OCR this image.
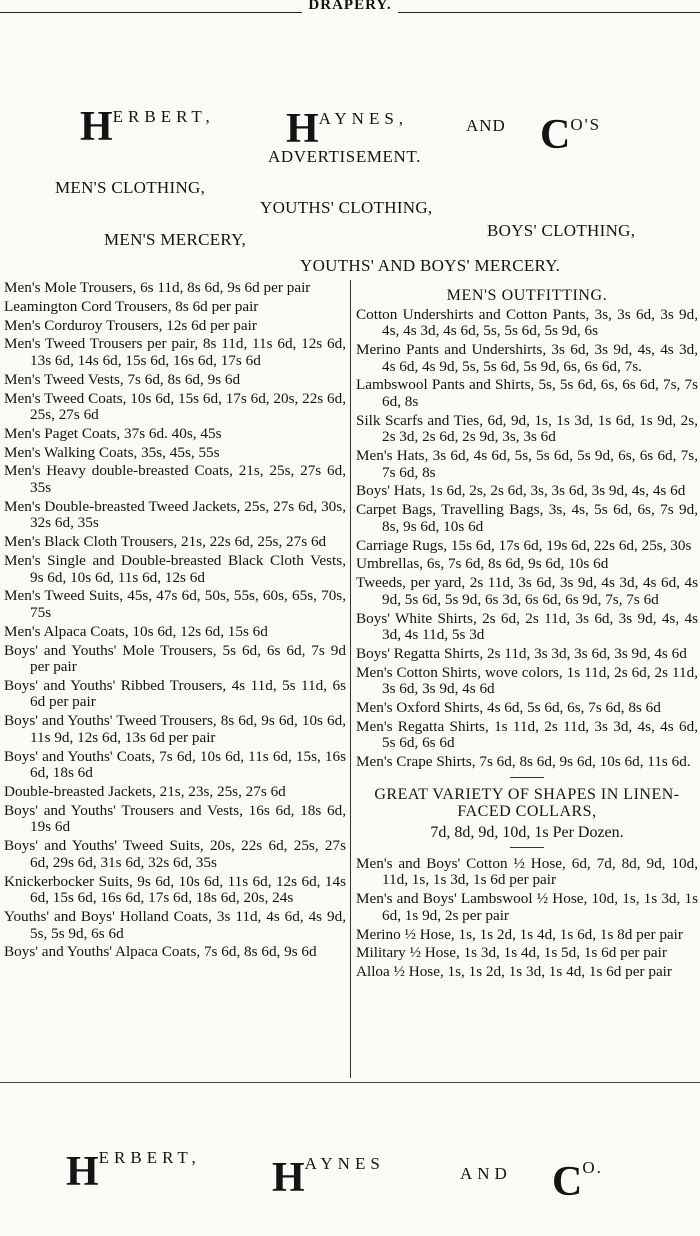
DRAPERY.
HERBERT, HAYNES,	AND CO'S
ADVERTISEMENT.
MEN'S CLOTHING,
YOUTHS' CLOTHING,
BOYS' CLOTHING,
MEN'S MERCERY,
YOUTHS' AND BOYS' MERCERY.
Men's Mole Trousers, 6s 11d, 8s 6d, 9s 6d per pair
Leamington Cord Trousers, 8s 6d per pair
Men's Corduroy Trousers, 12s 6d per pair
Men's Tweed Trousers per pair, 8s 11d, 11s 6d, 12s 6d, 13s 6d, 14s 6d, 15s 6d, 16s 6d, 17s 6d
Men's Tweed Vests, 7s 6d, 8s 6d, 9s 6d
Men's Tweed Coats, 10s 6d, 15s 6d, 17s 6d, 20s, 22s 6d, 25s, 27s 6d
Men's Paget Coats, 37s 6d. 40s, 45s
Men's Walking Coats, 35s, 45s, 55s
Men's Heavy double-breasted Coats, 21s, 25s, 27s 6d, 35s
Men's Double-breasted Tweed Jackets, 25s, 27s 6d, 30s, 32s 6d, 35s
Men's Black Cloth Trousers, 21s, 22s 6d, 25s, 27s 6d
Men's Single and Double-breasted Black Cloth Vests, 9s 6d, 10s 6d, 11s 6d, 12s 6d
Men's Tweed Suits, 45s, 47s 6d, 50s, 55s, 60s, 65s, 70s, 75s
Men's Alpaca Coats, 10s 6d, 12s 6d, 15s 6d
Boys' and Youths' Mole Trousers, 5s 6d, 6s 6d, 7s 9d per pair
Boys' and Youths' Ribbed Trousers, 4s 11d, 5s 11d, 6s 6d per pair
Boys' and Youths' Tweed Trousers, 8s 6d, 9s 6d, 10s 6d, 11s 9d, 12s 6d, 13s 6d per pair
Boys' and Youths' Coats, 7s 6d, 10s 6d, 11s 6d, 15s, 16s 6d, 18s 6d
Double-breasted Jackets, 21s, 23s, 25s, 27s 6d
Boys' and Youths' Trousers and Vests, 16s 6d, 18s 6d, 19s 6d
Boys' and Youths' Tweed Suits, 20s, 22s 6d, 25s, 27s 6d, 29s 6d, 31s 6d, 32s 6d, 35s
Knickerbocker Suits, 9s 6d, 10s 6d, 11s 6d, 12s 6d, 14s 6d, 15s 6d, 16s 6d, 17s 6d, 18s 6d, 20s, 24s
Youths' and Boys' Holland Coats, 3s 11d, 4s 6d, 4s 9d, 5s, 5s 9d, 6s 6d
Boys' and Youths' Alpaca Coats, 7s 6d, 8s 6d, 9s 6d
MEN'S OUTFITTING.
Cotton Undershirts and Cotton Pants, 3s, 3s 6d, 3s 9d, 4s, 4s 3d, 4s 6d, 5s, 5s 6d, 5s 9d, 6s
Merino Pants and Undershirts, 3s 6d, 3s 9d, 4s, 4s 3d, 4s 6d, 4s 9d, 5s, 5s 6d, 5s 9d, 6s, 6s 6d, 7s.
Lambswool Pants and Shirts, 5s, 5s 6d, 6s, 6s 6d, 7s, 7s 6d, 8s
Silk Scarfs and Ties, 6d, 9d, 1s, 1s 3d, 1s 6d, 1s 9d, 2s, 2s 3d, 2s 6d, 2s 9d, 3s, 3s 6d
Men's Hats, 3s 6d, 4s 6d, 5s, 5s 6d, 5s 9d, 6s, 6s 6d, 7s, 7s 6d, 8s
Boys' Hats, 1s 6d, 2s, 2s 6d, 3s, 3s 6d, 3s 9d, 4s, 4s 6d
Carpet Bags, Travelling Bags, 3s, 4s, 5s 6d, 6s, 7s 9d, 8s, 9s 6d, 10s 6d
Carriage Rugs, 15s 6d, 17s 6d, 19s 6d, 22s 6d, 25s, 30s
Umbrellas, 6s, 7s 6d, 8s 6d, 9s 6d, 10s 6d
Tweeds, per yard, 2s 11d, 3s 6d, 3s 9d, 4s 3d, 4s 6d, 4s 9d, 5s 6d, 5s 9d, 6s 3d, 6s 6d, 6s 9d, 7s, 7s 6d
Boys' White Shirts, 2s 6d, 2s 11d, 3s 6d, 3s 9d, 4s, 4s 3d, 4s 11d, 5s 3d
Boys' Regatta Shirts, 2s 11d, 3s 3d, 3s 6d, 3s 9d, 4s 6d
Men's Cotton Shirts, wove colors, 1s 11d, 2s 6d, 2s 11d, 3s 6d, 3s 9d, 4s 6d
Men's Oxford Shirts, 4s 6d, 5s 6d, 6s, 7s 6d, 8s 6d
Men's Regatta Shirts, 1s 11d, 2s 11d, 3s 3d, 4s, 4s 6d, 5s 6d, 6s 6d
Men's Crape Shirts, 7s 6d, 8s 6d, 9s 6d, 10s 6d, 11s 6d.
GREAT VARIETY OF SHAPES IN LINEN-FACED COLLARS,
7d, 8d, 9d, 10d, 1s Per Dozen.
Men's and Boys' Cotton ½ Hose, 6d, 7d, 8d, 9d, 10d, 11d, 1s, 1s 3d, 1s 6d per pair
Men's and Boys' Lambswool ½ Hose, 10d, 1s, 1s 3d, 1s 6d, 1s 9d, 2s per pair
Merino ½ Hose, 1s, 1s 2d, 1s 4d, 1s 6d, 1s 8d per pair
Military ½ Hose, 1s 3d, 1s 4d, 1s 5d, 1s 6d per pair
Alloa ½ Hose, 1s, 1s 2d, 1s 3d, 1s 4d, 1s 6d per pair
HERBERT, HAYNES
AND CO.
